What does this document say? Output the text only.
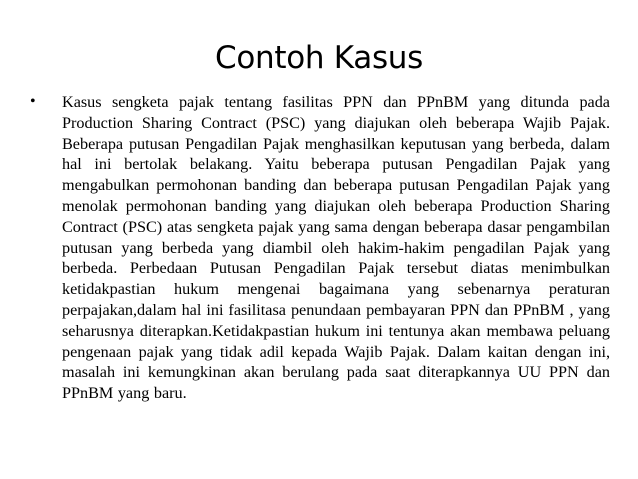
Contoh Kasus
•	Kasus sengketa pajak tentang fasilitas PPN dan PPnBM yang ditunda pada Production Sharing Contract (PSC) yang diajukan oleh beberapa Wajib Pajak. Beberapa putusan Pengadilan Pajak menghasilkan keputusan yang berbeda, dalam hal ini bertolak belakang. Yaitu beberapa putusan Pengadilan Pajak yang mengabulkan permohonan banding dan beberapa putusan Pengadilan Pajak yang menolak permohonan banding yang diajukan oleh beberapa Production Sharing Contract (PSC) atas sengketa pajak yang sama dengan beberapa dasar pengambilan putusan yang berbeda yang diambil oleh hakim-hakim pengadilan Pajak yang berbeda. Perbedaan Putusan Pengadilan Pajak tersebut diatas menimbulkan ketidakpastian hukum mengenai bagaimana yang sebenarnya peraturan perpajakan,dalam hal ini fasilitasa penundaan pembayaran PPN dan PPnBM , yang seharusnya diterapkan.Ketidakpastian hukum ini tentunya akan membawa peluang pengenaan pajak yang tidak adil kepada Wajib Pajak. Dalam kaitan dengan ini, masalah ini kemungkinan akan berulang pada saat diterapkannya UU PPN dan PPnBM yang baru.
